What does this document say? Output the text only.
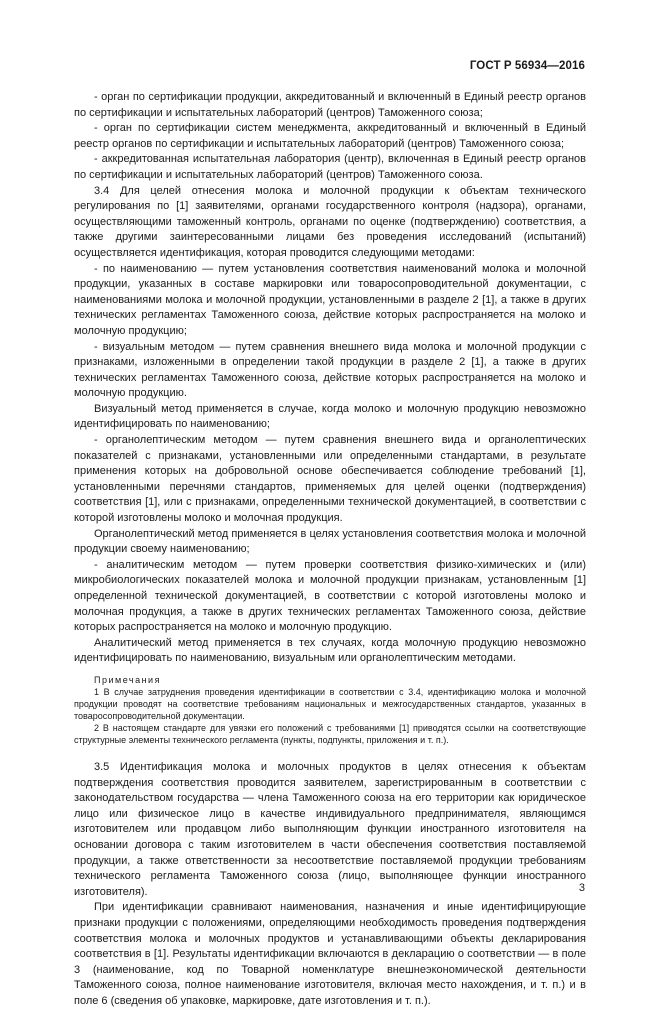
ГОСТ Р 56934—2016

- орган по сертификации продукции, аккредитованный и включенный в Единый реестр органов по сертификации и испытательных лабораторий (центров) Таможенного союза;

- орган по сертификации систем менеджмента, аккредитованный и включенный в Единый реестр органов по сертификации и испытательных лабораторий (центров) Таможенного союза;

- аккредитованная испытательная лаборатория (центр), включенная в Единый реестр органов по сертификации и испытательных лабораторий (центров) Таможенного союза.

3.4 Для целей отнесения молока и молочной продукции к объектам технического регулирования по [1] заявителями, органами государственного контроля (надзора), органами, осуществляющими таможенный контроль, органами по оценке (подтверждению) соответствия, а также другими заинтересованными лицами без проведения исследований (испытаний) осуществляется идентификация, которая проводится следующими методами:

- по наименованию — путем установления соответствия наименований молока и молочной продукции, указанных в составе маркировки или товаросопроводительной документации, с наименованиями молока и молочной продукции, установленными в разделе 2 [1], а также в других технических регламентах Таможенного союза, действие которых распространяется на молоко и молочную продукцию;

- визуальным методом — путем сравнения внешнего вида молока и молочной продукции с признаками, изложенными в определении такой продукции в разделе 2 [1], а также в других технических регламентах Таможенного союза, действие которых распространяется на молоко и молочную продукцию.

Визуальный метод применяется в случае, когда молоко и молочную продукцию невозможно идентифицировать по наименованию;

- органолептическим методом — путем сравнения внешнего вида и органолептических показателей с признаками, установленными или определенными стандартами, в результате применения которых на добровольной основе обеспечивается соблюдение требований [1], установленными перечнями стандартов, применяемых для целей оценки (подтверждения) соответствия [1], или с признаками, определенными технической документацией, в соответствии с которой изготовлены молоко и молочная продукция.

Органолептический метод применяется в целях установления соответствия молока и молочной продукции своему наименованию;

- аналитическим методом — путем проверки соответствия физико-химических и (или) микробиологических показателей молока и молочной продукции признакам, установленным [1] определенной технической документацией, в соответствии с которой изготовлены молоко и молочная продукция, а также в других технических регламентах Таможенного союза, действие которых распространяется на молоко и молочную продукцию.

Аналитический метод применяется в тех случаях, когда молочную продукцию невозможно идентифицировать по наименованию, визуальным или органолептическим методами.

Примечания

1 В случае затруднения проведения идентификации в соответствии с 3.4, идентификацию молока и молочной продукции проводят на соответствие требованиям национальных и межгосударственных стандартов, указанных в товаросопроводительной документации.

2 В настоящем стандарте для увязки его положений с требованиями [1] приводятся ссылки на соответствующие структурные элементы технического регламента (пункты, подпункты, приложения и т. п.).

3.5 Идентификация молока и молочных продуктов в целях отнесения к объектам подтверждения соответствия проводится заявителем, зарегистрированным в соответствии с законодательством государства — члена Таможенного союза на его территории как юридическое лицо или физическое лицо в качестве индивидуального предпринимателя, являющимся изготовителем или продавцом либо выполняющим функции иностранного изготовителя на основании договора с таким изготовителем в части обеспечения соответствия поставляемой продукции, а также ответственности за несоответствие поставляемой продукции требованиям технического регламента Таможенного союза (лицо, выполняющее функции иностранного изготовителя).

При идентификации сравнивают наименования, назначения и иные идентифицирующие признаки продукции с положениями, определяющими необходимость проведения подтверждения соответствия молока и молочных продуктов и устанавливающими объекты декларирования соответствия в [1]. Результаты идентификации включаются в декларацию о соответствии — в поле 3 (наименование, код по Товарной номенклатуре внешнеэкономической деятельности Таможенного союза, полное наименование изготовителя, включая место нахождения, и т. п.) и в поле 6 (сведения об упаковке, маркировке, дате изготовления и т. п.).

3
